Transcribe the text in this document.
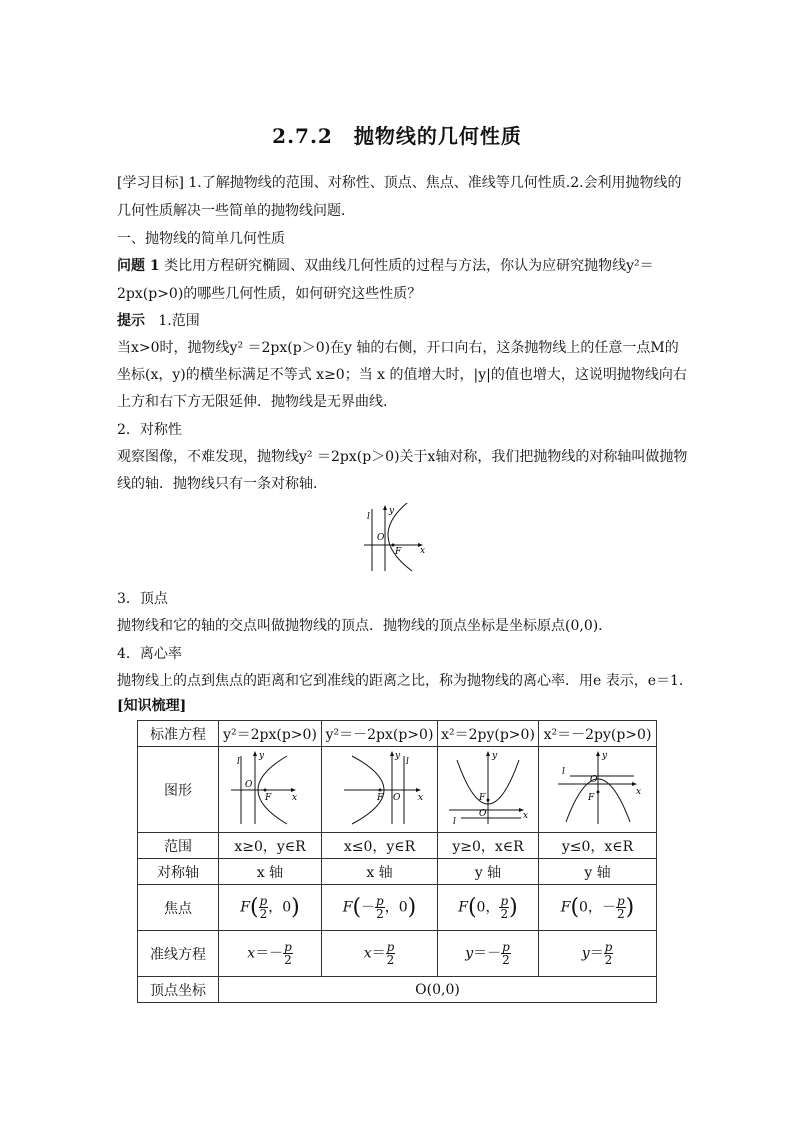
2.7.2　抛物线的几何性质
[学习目标] 1.了解抛物线的范围、对称性、顶点、焦点、准线等几何性质.2.会利用抛物线的
几何性质解决一些简单的抛物线问题.
一、抛物线的简单几何性质
问题 1 类比用方程研究椭圆、双曲线几何性质的过程与方法，你认为应研究抛物线y²＝
2px(p>0)的哪些几何性质，如何研究这些性质？
提示 1.范围
当x>0时，抛物线y² ＝2px(p＞0)在y 轴的右侧，开口向右，这条抛物线上的任意一点M的
坐标(x，y)的横坐标满足不等式 x≥0；当 x 的值增大时，|y|的值也增大，这说明抛物线向右
上方和右下方无限延伸．抛物线是无界曲线.
2．对称性
观察图像，不难发现，抛物线y² ＝2px(p＞0)关于x轴对称，我们把抛物线的对称轴叫做抛物
线的轴．抛物线只有一条对称轴.
y
x
l
O
F
3．顶点
抛物线和它的轴的交点叫做抛物线的顶点．抛物线的顶点坐标是坐标原点(0,0).
4．离心率
抛物线上的点到焦点的距离和它到准线的距离之比，称为抛物线的离心率．用e 表示，e＝1.
[知识梳理]
标准方程	y²＝2px(p>0)	y²＝－2px(p>0)	x²＝2py(p>0)	x²＝－2py(p>0)
图形	y
l
O
F x	y
l
O
F x	y
F
O
l
x	y
l
O
F
x

范围	x≥0，y∈R	x≤0，y∈R	y≥0，x∈R	y≤0，x∈R
对称轴	x 轴	x 轴	y 轴	y 轴
焦点	$F( \frac{p}{2}$ ，0)	$F(- \frac{p}{2}$ ，0)	F(0， $\frac{p}{2}$ )	F(0，－ $\frac{p}{2}$ )
准线方程	$x=- \frac{p}{2}$	$x= \frac{p}{2}$	$y=- \frac{p}{2}$	$y= \frac{p}{2}$

顶点坐标	O(0,0)			
